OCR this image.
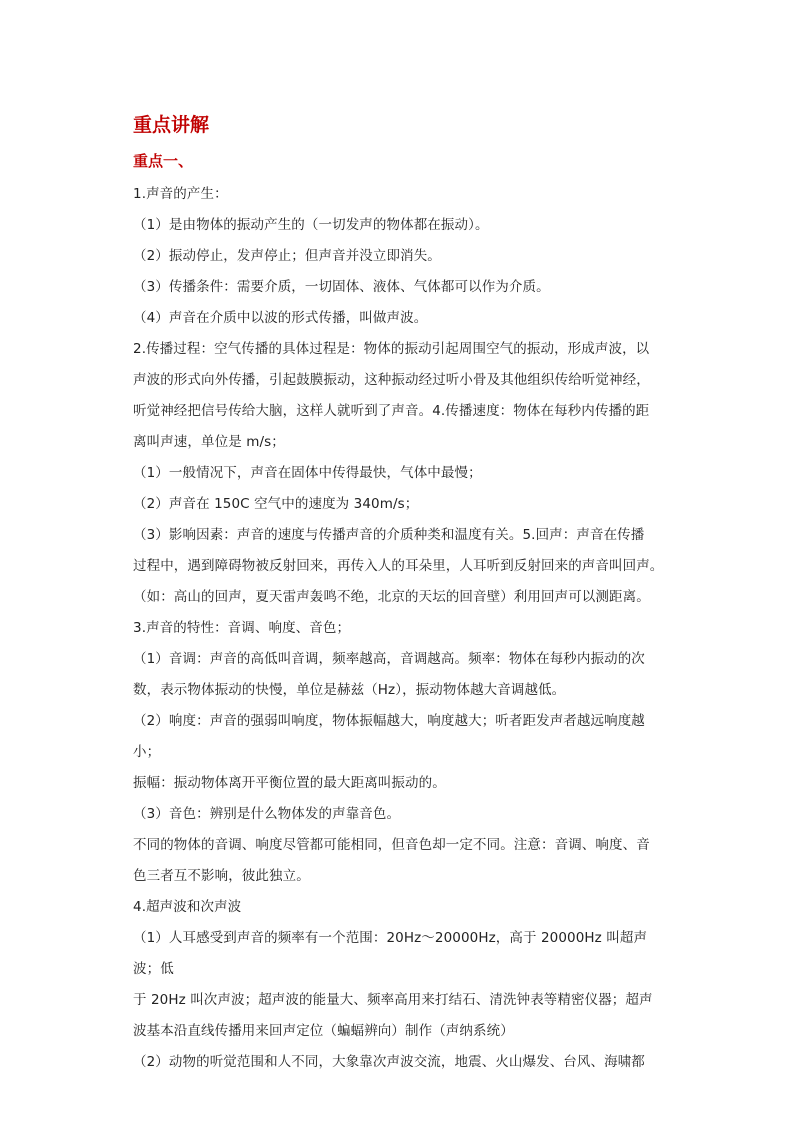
重点讲解
重点一、

1.声音的产生：

（1）是由物体的振动产生的（一切发声的物体都在振动）。

（2）振动停止，发声停止；但声音并没立即消失。

（3）传播条件：需要介质，一切固体、液体、气体都可以作为介质。

（4）声音在介质中以波的形式传播，叫做声波。

2.传播过程：空气传播的具体过程是：物体的振动引起周围空气的振动，形成声波，以

声波的形式向外传播，引起鼓膜振动，这种振动经过听小骨及其他组织传给听觉神经，

听觉神经把信号传给大脑，这样人就听到了声音。4.传播速度：物体在每秒内传播的距

离叫声速，单位是 m/s；

（1）一般情况下，声音在固体中传得最快，气体中最慢；

（2）声音在 150C 空气中的速度为 340m/s；

（3）影响因素：声音的速度与传播声音的介质种类和温度有关。5.回声：声音在传播

过程中，遇到障碍物被反射回来，再传入人的耳朵里，人耳听到反射回来的声音叫回声。

（如：高山的回声，夏天雷声轰鸣不绝，北京的天坛的回音壁）利用回声可以测距离。

3.声音的特性：音调、响度、音色；

（1）音调：声音的高低叫音调，频率越高，音调越高。频率：物体在每秒内振动的次

数，表示物体振动的快慢，单位是赫兹（Hz），振动物体越大音调越低。

（2）响度：声音的强弱叫响度，物体振幅越大，响度越大；听者距发声者越远响度越

小；

振幅：振动物体离开平衡位置的最大距离叫振动的。

（3）音色：辨别是什么物体发的声靠音色。

不同的物体的音调、响度尽管都可能相同，但音色却一定不同。注意：音调、响度、音

色三者互不影响，彼此独立。

4.超声波和次声波

（1）人耳感受到声音的频率有一个范围：20Hz～20000Hz，高于 20000Hz 叫超声波；低

于 20Hz 叫次声波；超声波的能量大、频率高用来打结石、清洗钟表等精密仪器；超声

波基本沿直线传播用来回声定位（蝙蝠辨向）制作（声纳系统）

（2）动物的听觉范围和人不同，大象靠次声波交流，地震、火山爆发、台风、海啸都
